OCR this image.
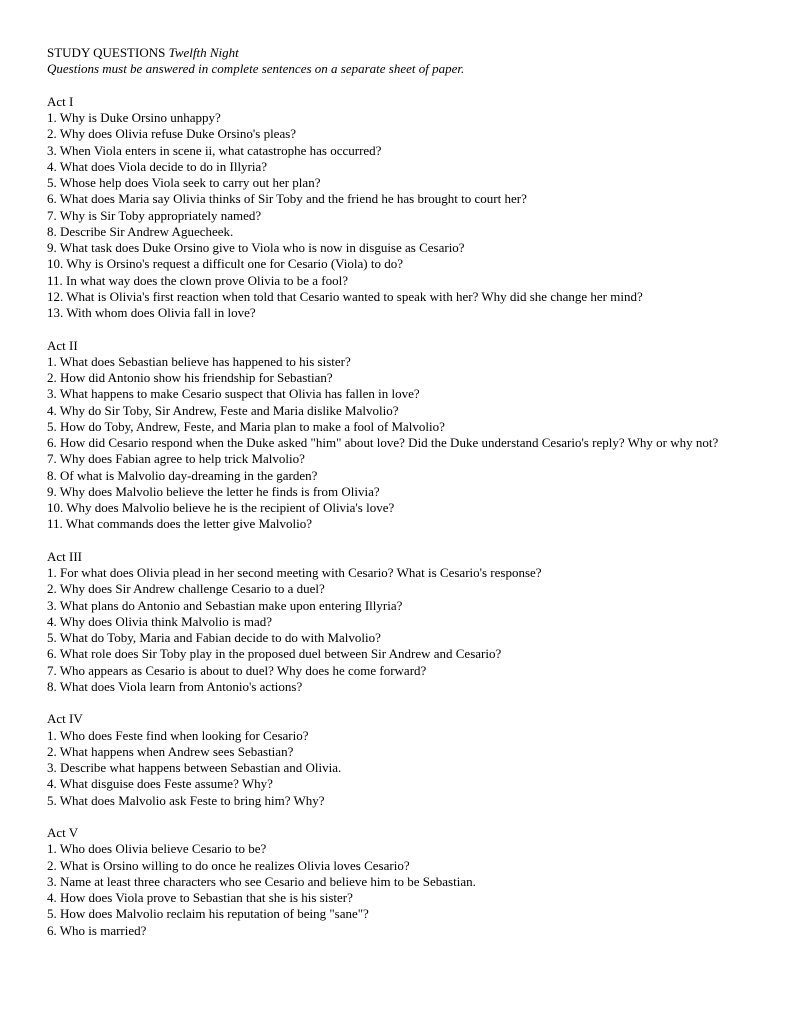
STUDY QUESTIONS Twelfth Night
Questions must be answered in complete sentences on a separate sheet of paper.
Act I
1. Why is Duke Orsino unhappy?
2. Why does Olivia refuse Duke Orsino's pleas?
3. When Viola enters in scene ii, what catastrophe has occurred?
4. What does Viola decide to do in Illyria?
5. Whose help does Viola seek to carry out her plan?
6. What does Maria say Olivia thinks of Sir Toby and the friend he has brought to court her?
7. Why is Sir Toby appropriately named?
8. Describe Sir Andrew Aguecheek.
9. What task does Duke Orsino give to Viola who is now in disguise as Cesario?
10. Why is Orsino's request a difficult one for Cesario (Viola) to do?
11. In what way does the clown prove Olivia to be a fool?
12. What is Olivia's first reaction when told that Cesario wanted to speak with her? Why did she change her mind?
13. With whom does Olivia fall in love?
Act II
1. What does Sebastian believe has happened to his sister?
2. How did Antonio show his friendship for Sebastian?
3. What happens to make Cesario suspect that Olivia has fallen in love?
4. Why do Sir Toby, Sir Andrew, Feste and Maria dislike Malvolio?
5. How do Toby, Andrew, Feste, and Maria plan to make a fool of Malvolio?
6. How did Cesario respond when the Duke asked "him" about love? Did the Duke understand Cesario's reply? Why or why not?
7. Why does Fabian agree to help trick Malvolio?
8. Of what is Malvolio day-dreaming in the garden?
9. Why does Malvolio believe the letter he finds is from Olivia?
10. Why does Malvolio believe he is the recipient of Olivia's love?
11. What commands does the letter give Malvolio?
Act III
1. For what does Olivia plead in her second meeting with Cesario? What is Cesario's response?
2. Why does Sir Andrew challenge Cesario to a duel?
3. What plans do Antonio and Sebastian make upon entering Illyria?
4. Why does Olivia think Malvolio is mad?
5. What do Toby, Maria and Fabian decide to do with Malvolio?
6. What role does Sir Toby play in the proposed duel between Sir Andrew and Cesario?
7. Who appears as Cesario is about to duel? Why does he come forward?
8. What does Viola learn from Antonio's actions?
Act IV
1. Who does Feste find when looking for Cesario?
2. What happens when Andrew sees Sebastian?
3. Describe what happens between Sebastian and Olivia.
4. What disguise does Feste assume? Why?
5. What does Malvolio ask Feste to bring him? Why?
Act V
1. Who does Olivia believe Cesario to be?
2. What is Orsino willing to do once he realizes Olivia loves Cesario?
3. Name at least three characters who see Cesario and believe him to be Sebastian.
4. How does Viola prove to Sebastian that she is his sister?
5. How does Malvolio reclaim his reputation of being "sane"?
6. Who is married?
